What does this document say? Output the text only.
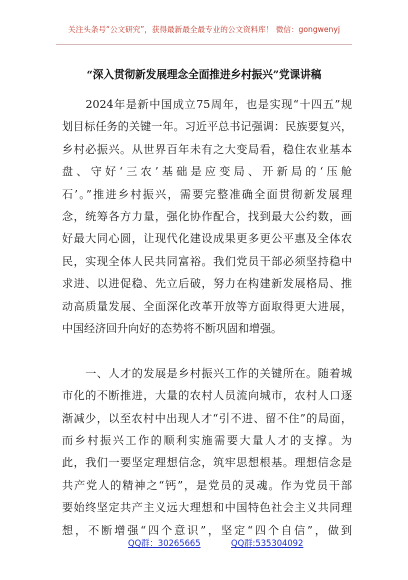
关注头条号“公文研究”，获得最新最全最专业的公文资料库！ 微信：gongwenyj
“深入贯彻新发展理念全面推进乡村振兴”党课讲稿
　　2024年是新中国成立75周年，也是实现“十四五”规
划目标任务的关键一年。习近平总书记强调：民族要复兴，
乡村必振兴。从世界百年未有之大变局看，稳住农业基本
盘、守好‘三农’基础是应变局、开新局的‘压舱
石’。”推进乡村振兴，需要完整准确全面贯彻新发展理
念，统筹各方力量，强化协作配合，找到最大公约数，画
好最大同心圆，让现代化建设成果更多更公平惠及全体农
民，实现全体人民共同富裕。我们党员干部必须坚持稳中
求进、以进促稳、先立后破，努力在构建新发展格局、推
动高质量发展、全面深化改革开放等方面取得更大进展，
中国经济回升向好的态势将不断巩固和增强。
　　一、人才的发展是乡村振兴工作的关键所在。随着城
市化的不断推进，大量的农村人员流向城市，农村人口逐
渐减少，以至农村中出现人才“引不进、留不住”的局面，
而乡村振兴工作的顺利实施需要大量人才的支撑。为
此，我们一要坚定理想信念，筑牢思想根基。理想信念是
共产党人的精神之“钙”，是党员的灵魂。作为党员干部
要始终坚定共产主义远大理想和中国特色社会主义共同理
想，不断增强“四个意识”，坚定“四个自信”，做到
QQ群：30265665	QQ群:535304092
